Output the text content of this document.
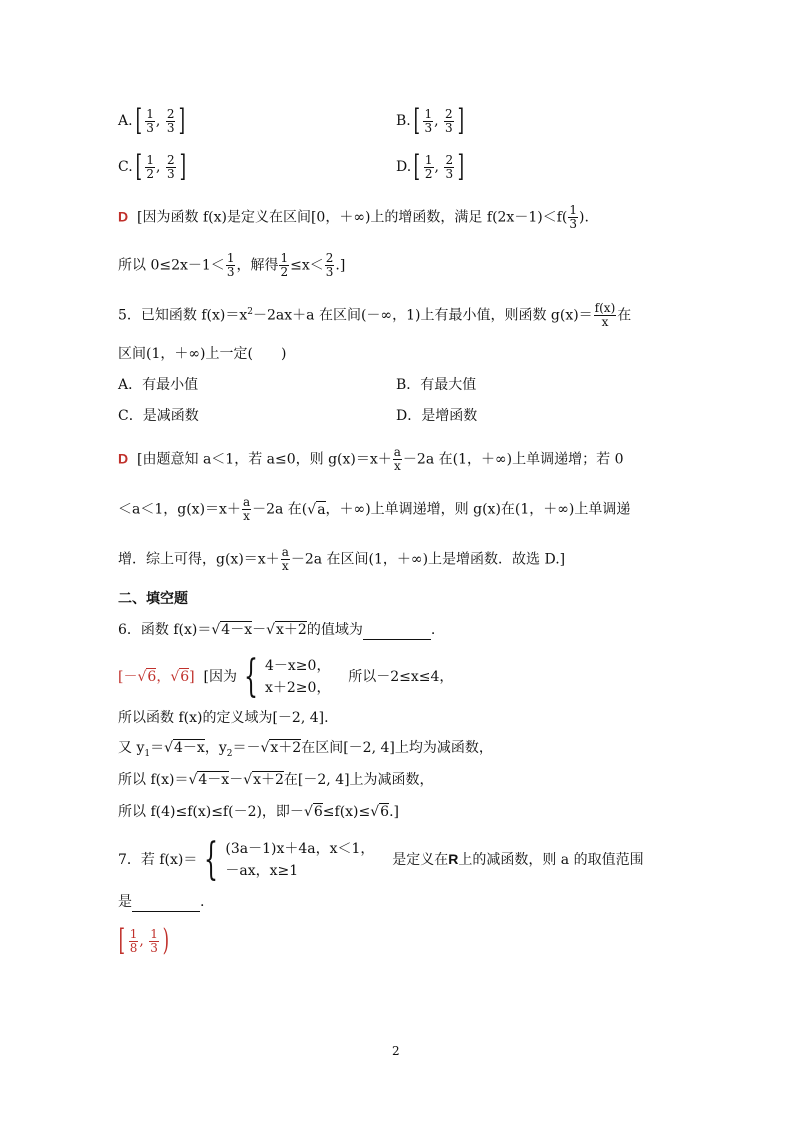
$A.[ \frac{1}{3}$ , $\frac{2}{3}$ ]	$B.[ \frac{1}{3}$ , $\frac{2}{3}$ ]
$C.[ \frac{1}{2}$ , $\frac{2}{3}$ ]	$D.[ \frac{1}{2}$ , $\frac{2}{3}$ ]
D [因为函数 f(x)是定义在区间[0，＋∞)上的增函数，满足 $f(2x-1)<f( \frac{1}{3}$ ).
所以 $0\le 2x-1< \frac{1}{3}$ ，解得 $\frac{1}{2} \le x< \frac{2}{3}$ .]
5．已知函数 $f(x)=x^2-2ax+a$ 在区间(－∞，1)上有最小值，则函数 $g(x)= \frac{f(x)}{x}$ 在
区间(1，＋∞)上一定(　　)
A．有最小值	B．有最大值
C．是减函数	D．是增函数
D [由题意知 a＜1，若 a≤0，则 $g(x)=x+ \frac{a}{x} -2a$ 在(1，＋∞)上单调递增；若 0
＜a＜1，$g(x)=x+ \frac{a}{x} -2a$ 在(√a，＋∞)上单调递增，则 g(x)在(1，＋∞)上单调递
增．综上可得，$g(x)=x+ \frac{a}{x} -2a$ 在区间(1，＋∞)上是增函数．故选 D.]
二、填空题
6．函数 f(x)＝√4－x－√x＋2的值域为	.
[－√6，√6] [因为 { 4－x≥0，
x＋2≥0，
所以－2≤x≤4，
所以函数 f(x)的定义域为[－2, 4].
又 $y_1=√4-x$，$y_2=-√x+2$在区间[－2, 4]上均为减函数，
所以 f(x)＝√4－x－√x＋2在[－2, 4]上为减函数，
所以 f(4)≤f(x)≤f(－2)，即－√6≤f(x)≤√6.]
7．若 f(x)＝ { (3a－1)x＋4a，x＜1，
－ax，x≥1
是定义在R上的减函数，则 a 的取值范围
是	.
[ $\frac{1}{8}$ , $\frac{1}{3}$ )
2
